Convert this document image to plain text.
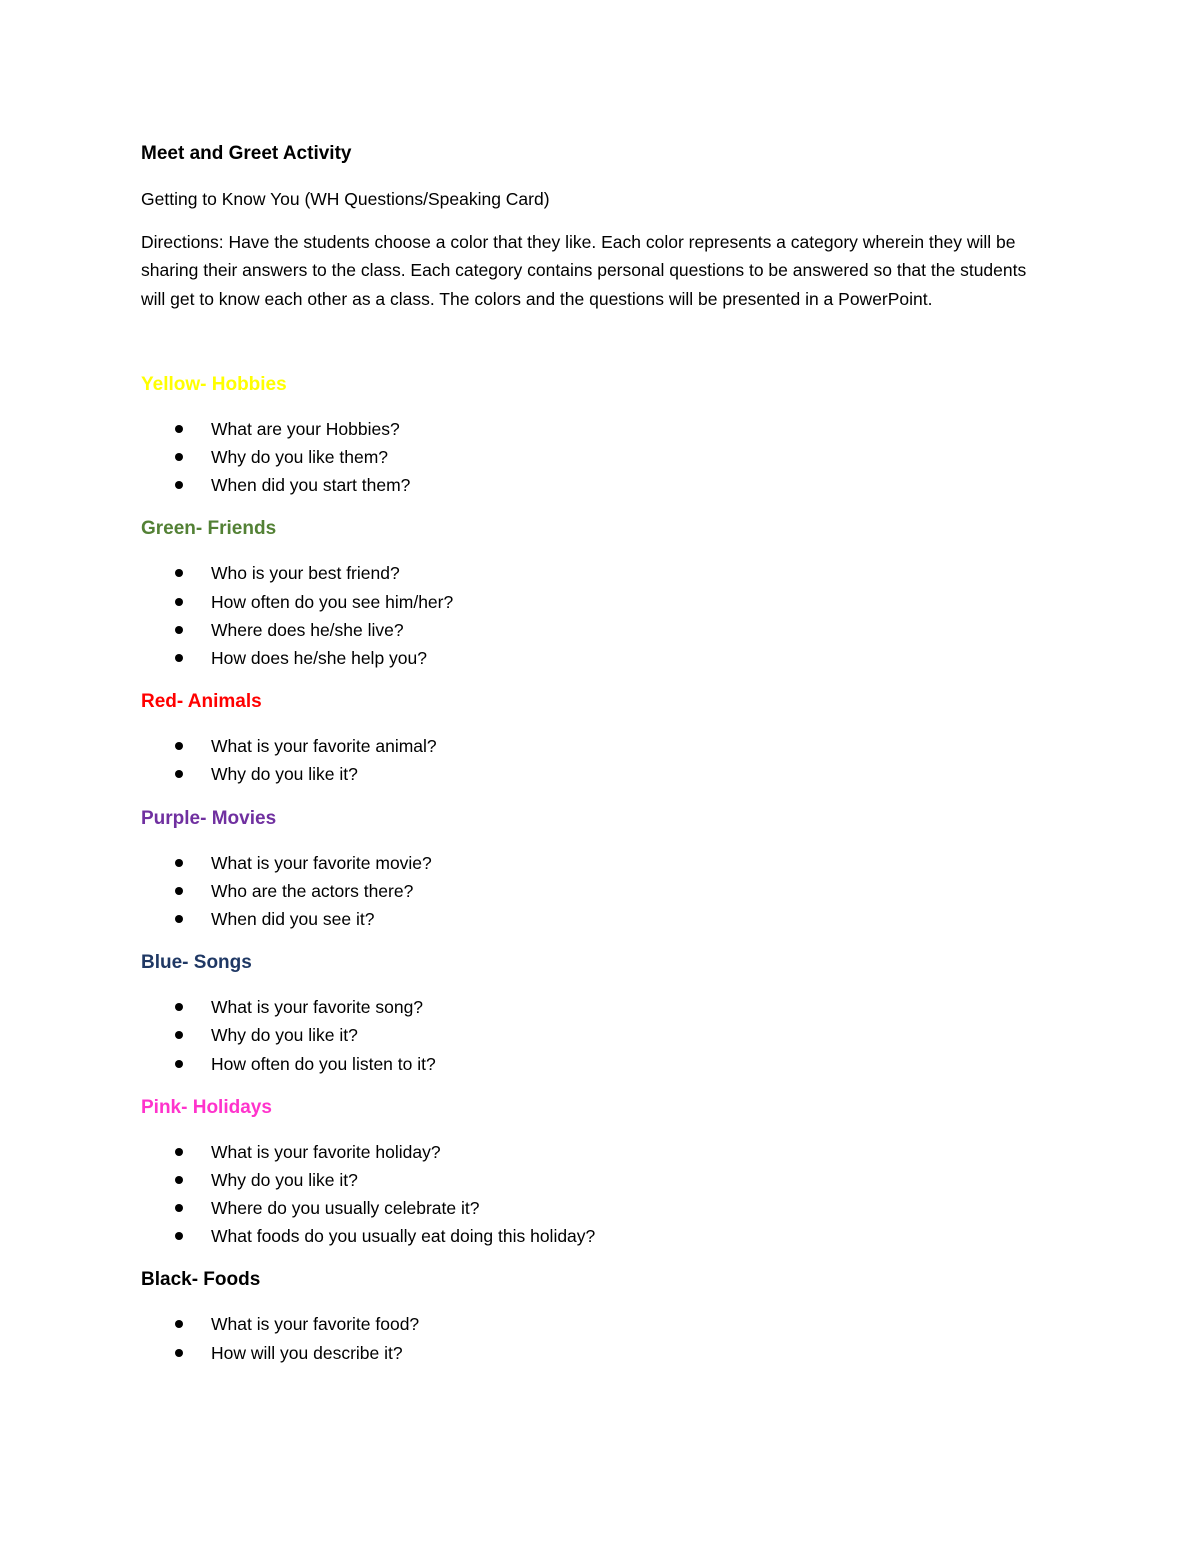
Meet and Greet Activity
Getting to Know You (WH Questions/Speaking Card)

Directions: Have the students choose a color that they like. Each color represents a category wherein they will be sharing their answers to the class. Each category contains personal questions to be answered so that the students will get to know each other as a class. The colors and the questions will be presented in a PowerPoint.

Yellow- Hobbies
What are your Hobbies?
Why do you like them?
When did you start them?
Green- Friends
Who is your best friend?
How often do you see him/her?
Where does he/she live?
How does he/she help you?
Red- Animals
What is your favorite animal?
Why do you like it?
Purple- Movies
What is your favorite movie?
Who are the actors there?
When did you see it?
Blue- Songs
What is your favorite song?
Why do you like it?
How often do you listen to it?
Pink- Holidays
What is your favorite holiday?
Why do you like it?
Where do you usually celebrate it?
What foods do you usually eat doing this holiday?
Black- Foods
What is your favorite food?
How will you describe it?
